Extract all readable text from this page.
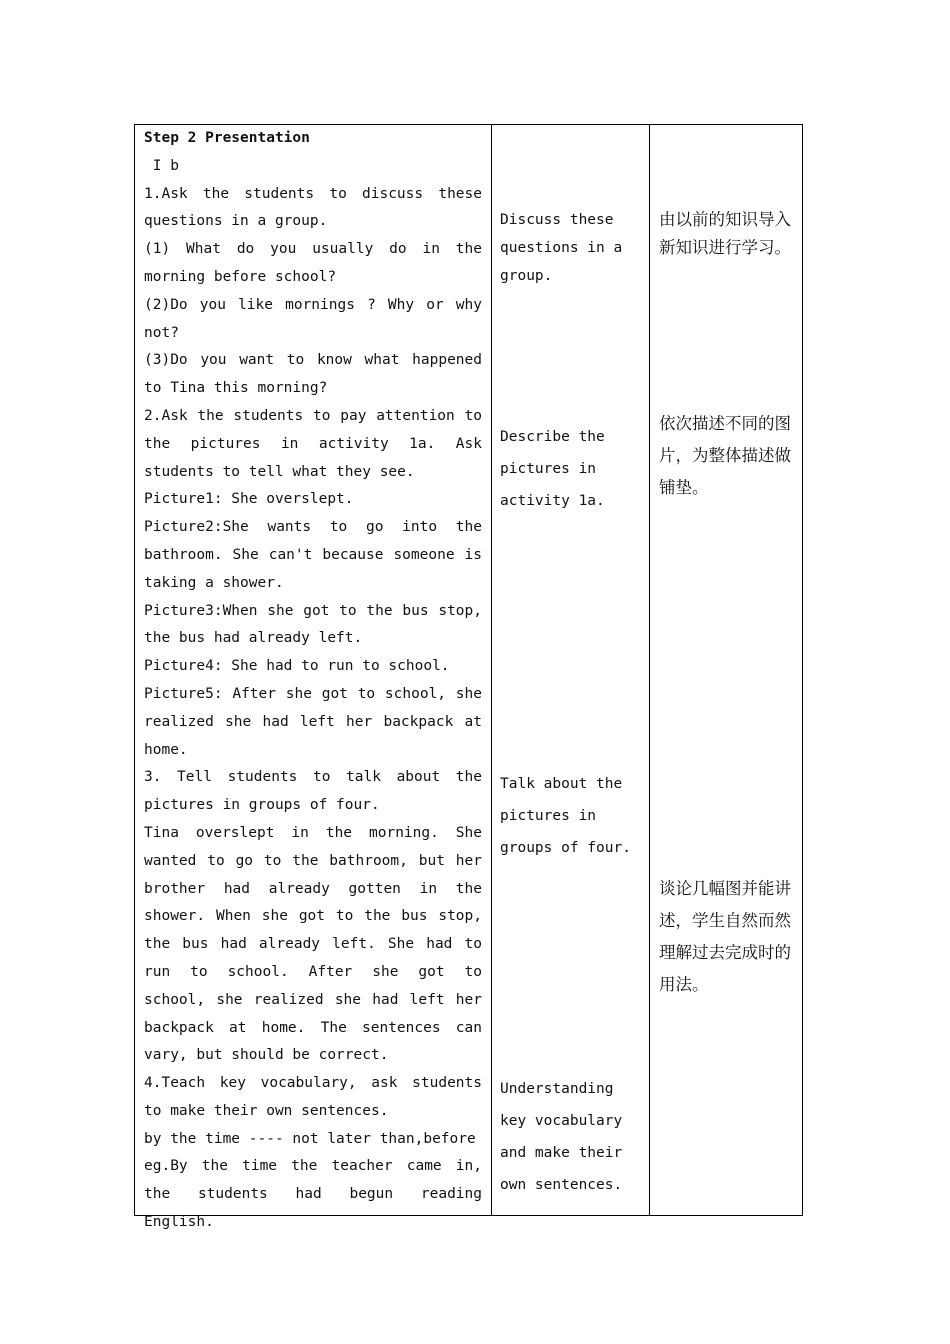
Step 2 Presentation
I b
1.Ask the students to discuss these questions in a group.
(1) What do you usually do in the morning before school?
(2)Do you like mornings ? Why or why not?
(3)Do you want to know what happened to Tina this morning?
2.Ask the students to pay attention to the pictures in activity 1a. Ask students to tell what they see.
Picture1: She overslept.
Picture2:She wants to go into the bathroom. She can't because someone is taking a shower.
Picture3:When she got to the bus stop, the bus had already left.
Picture4: She had to run to school.
Picture5: After she got to school, she realized she had left her backpack at home.
3. Tell students to talk about the pictures in groups of four.
Tina overslept in the morning. She wanted to go to the bathroom, but her brother had already gotten in the shower. When she got to the bus stop, the bus had already left. She had to run to school. After she got to school, she realized she had left her backpack at home. The sentences can vary, but should be correct.
4.Teach key vocabulary, ask students to make their own sentences.
by the time ---- not later than,before
eg.By the time the teacher came in, the students had begun reading English.
Discuss these questions in a group.
Describe the pictures in activity 1a.
Talk about the pictures in groups of four.
Understanding key vocabulary and make their own sentences.
由以前的知识导入新知识进行学习。
依次描述不同的图片，为整体描述做铺垫。
谈论几幅图并能讲述，学生自然而然理解过去完成时的用法。
